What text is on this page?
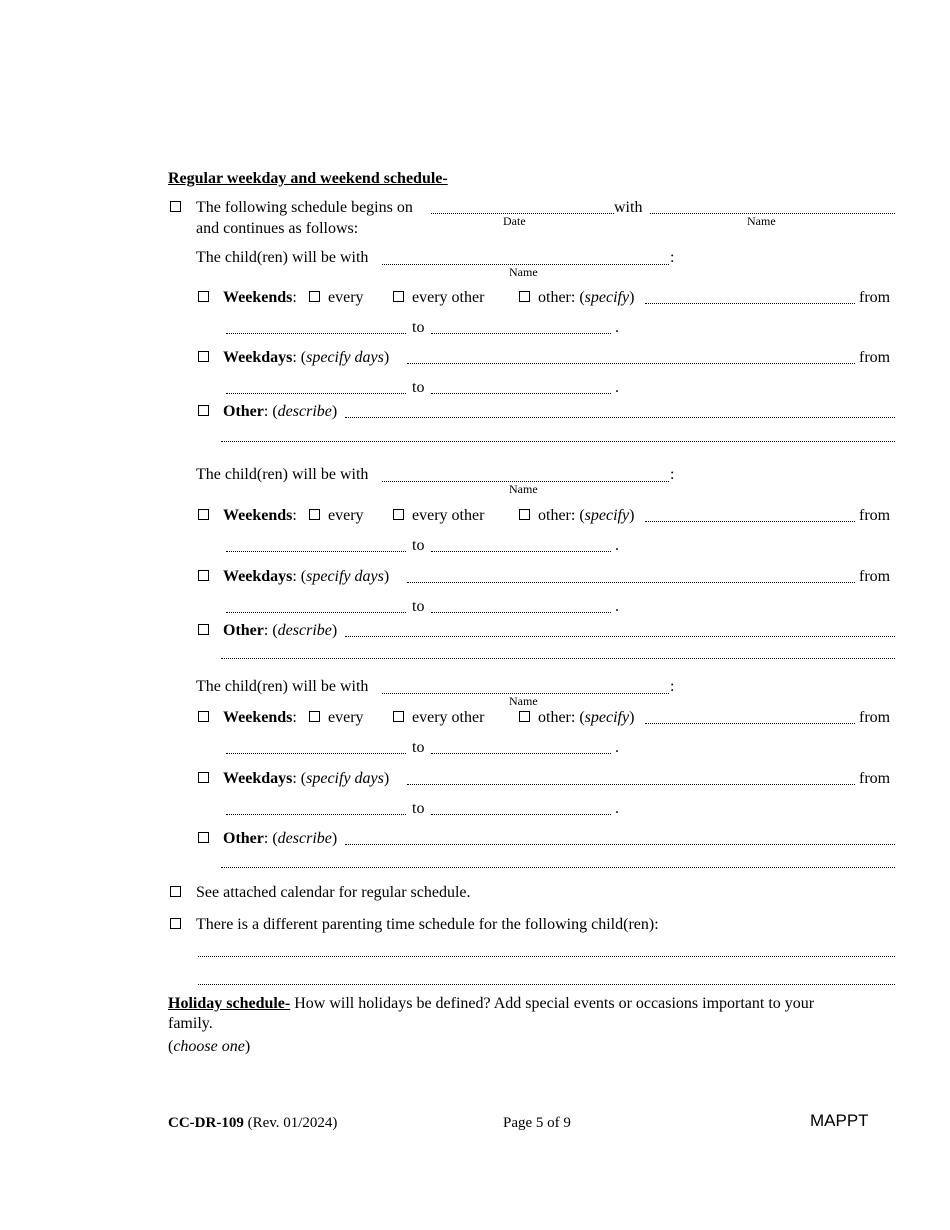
Regular weekday and weekend schedule-
The following schedule begins on	with
Date	Name
and continues as follows:
The child(ren) will be with	:
Name
Weekends: every	every other	other: (specify)	from
to	.
Weekdays: (specify days)	from
to	.
Other: (describe)
The child(ren) will be with	:
Name
Weekends: every	every other	other: (specify)	from
to	.
Weekdays: (specify days)	from
to	.
Other: (describe)
The child(ren) will be with	:
Name
Weekends: every	every other	other: (specify)	from
to	.
Weekdays: (specify days)	from
to	.
Other: (describe)
See attached calendar for regular schedule.
There is a different parenting time schedule for the following child(ren):
Holiday schedule- How will holidays be defined? Add special events or occasions important to your
family.
(choose one)
CC-DR-109 (Rev. 01/2024)	Page 5 of 9	MAPPT
